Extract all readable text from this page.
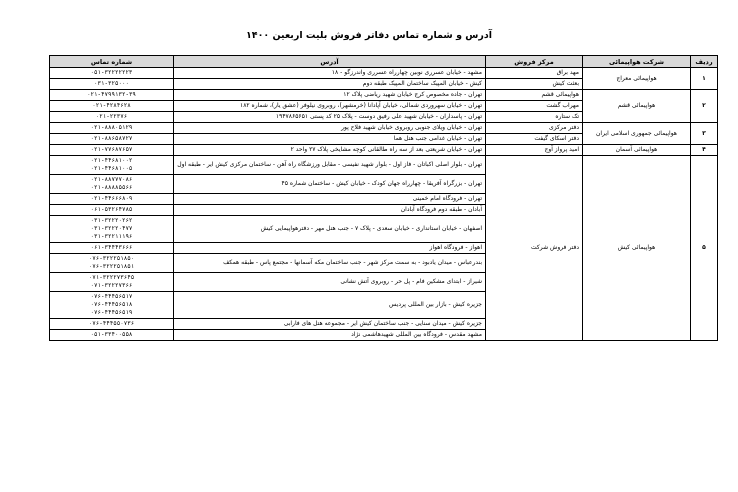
آدرس و شماره تماس دفاتر فروش بلیت اربعین ۱۴۰۰
ردیف	شرکت هواپیمائی	مرکز فروش	آدرس	شماره تماس
۱	هواپیمائی معراج	مهد براق	مشهد - خیابان عسرری نوبین چهارراه عسرری واندرزگو - ۱۸	۰۵۱-۳۲۲۲۲۲۲۳

		بعثت کیش	کیش - خیابان المپیک ساختمان المپیک طبقه دوم	۰۳۱-۳۲۵۰۰۰

۲	هواپیمائی قشم	هواپیمائی قشم	تهران - جاده مخصوص کرج خیابان شهید ریاضی پلاک ۱۲	۰۲۱-۴۷۹۹۱۳۲-۳۹

		مهراب گشت	تهران - خیابان سهروردی شمالی، خیابان آپادانا (خرمشهر)، روبروی نیلوفر (عشق یار)، شماره ۱۸۲	۰۲۱-۴۲۸۴۶۲۸

		تک ستاره	تهران - پاسداران - خیابان شهید علی رفیق دوست - پلاک ۲۵ کد پستی ۱۹۴۷۸۶۵۶۵۱	۰۲۱-۲۲۳۷۶

۳	هواپیمائی جمهوری اسلامی ایران	دفتر مرکزی	تهران - خیابان ویلای جنوبی روبروی خیابان شهید فلاح پور	۰۲۱-۸۸۸۰۵۱۲۹

		دفتر اسکای گیفت	تهران - خیابان غدامی جنب هتل هما	۰۲۱-۸۸۶۵۸۷۲۷

۴	هواپیمائی آسمان	امید پرواز آوج	تهران - خیابان شریعتی بعد از سه راه طالقانی کوچه مشایخی پلاک ۲۷ واحد ۲	۰۲۱-۷۷۶۸۷۶۵۷

۵	هواپیمائی کیش	دفتر فروش شرکت	تهران - بلوار اصلی اکباتان - فاز اول - بلوار شهید نفیسی - مقابل ورزشگاه راه آهن - ساختمان مرکزی کیش ایر - طبقه اول	۰۲۱-۴۴۶۸۱۰۰۲
۰۲۱-۴۴۶۸۱۰۰۵

			تهران - بزرگراه آفریقا - چهارراه جهان کودک - خیابان کیش - ساختمان شماره ۴۵	۰۲۱-۸۸۷۷۷۰۸۶
۰۲۱-۸۸۸۸۵۵۶۶

			تهران - فرودگاه امام خمینی	۰۲۱-۴۴۶۶۶۸۰۹

			آبادان - طبقه دوم فرودگاه آبادان	۰۶۱-۵۳۲۶۴۷۸۵

			اصفهان - خیابان استانداری - خیابان سعدی - پلاک ۷ - جنب هتل مهر - دفترهواپیمایی کیش	۰۳۱-۳۲۲۲۰۲۶۲
۰۳۱-۳۲۲۲۰۴۷۷
۰۳۱-۳۲۲۱۱۱۹۶

			اهواز - فرودگاه اهواز	۰۶۱-۳۴۴۴۳۶۶۶

			بندرعباس - میدان یادبود - به سمت مرکز شهر - جنب ساختمان مکه آسمانها - مجتمع پاس - طبقه همکف	۰۷۶-۳۲۲۲۵۱۸۵۰
۰۷۶-۳۲۲۲۵۱۸۵۱

			شیراز - ابتدای مشکین فام - پل حر - روبروی آتش نشانی	۰۷۱-۳۲۲۲۷۳۶۴۵
۰۷۱-۳۲۲۲۷۳۶۶

			جزیره کیش - بازار بین المللی پردیس	۰۷۶-۴۴۴۵۶۵۱۷
۰۷۶-۴۴۴۵۶۵۱۸
۰۷۶-۴۴۴۵۶۵۱۹

			جزیره کیش - میدان سنایی - جنب ساختمان کیش ایر - مجموعه هتل های فارابی	۰۷۶-۴۴۴۵۵۰۷۳۶

			مشهد مقدس - فرودگاه بین المللی شهیدهاشمی نژاد	۰۵۱-۳۳۴۰۰۵۵۸
